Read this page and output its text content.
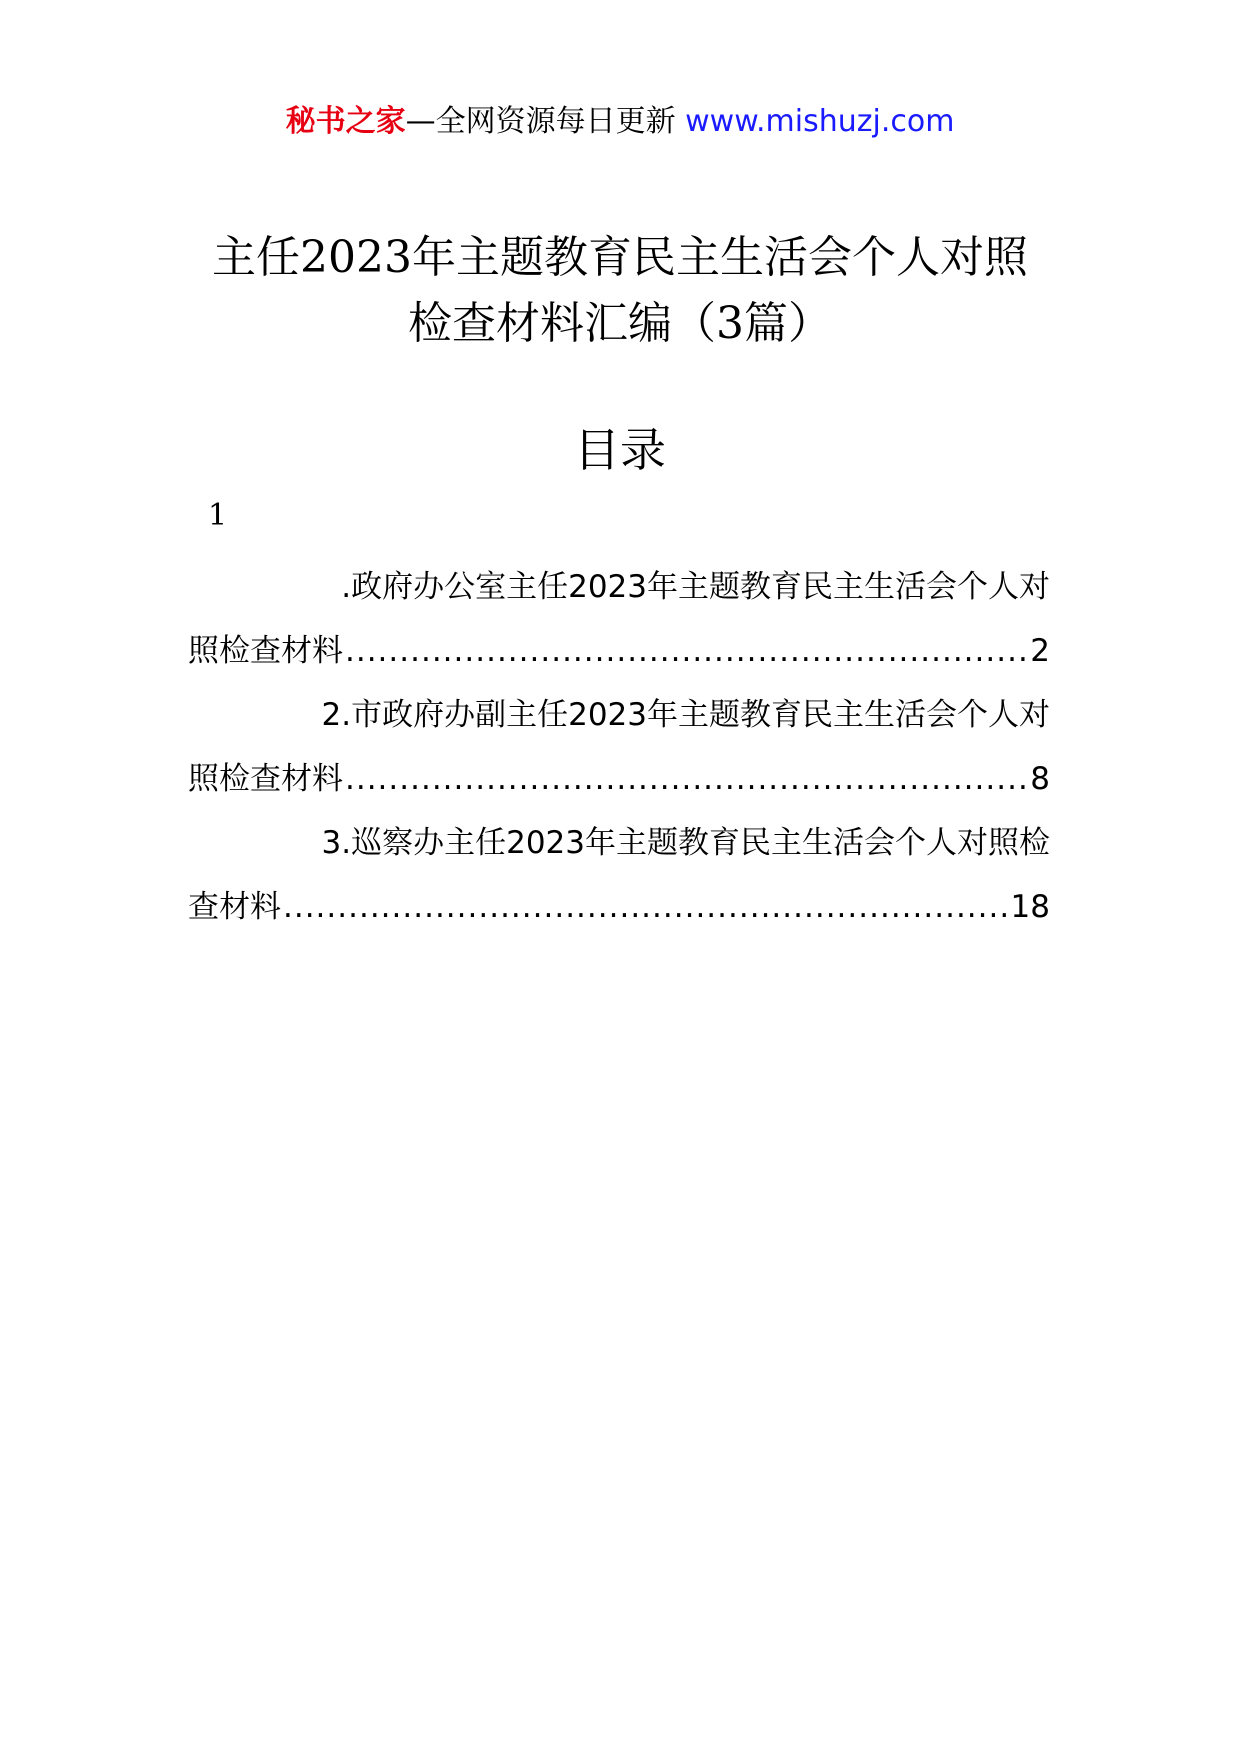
秘书之家—全网资源每日更新 www.mishuzj.com
主任2023年主题教育民主生活会个人对照
检查材料汇编（3篇）
目录
1
.政府办公室主任2023年主题教育民主生活会个人对
照检查材料 .....	2
2.市政府办副主任2023年主题教育民主生活会个人对
照检查材料 .....	8
3.巡察办主任2023年主题教育民主生活会个人对照检
查材料 .....	18
